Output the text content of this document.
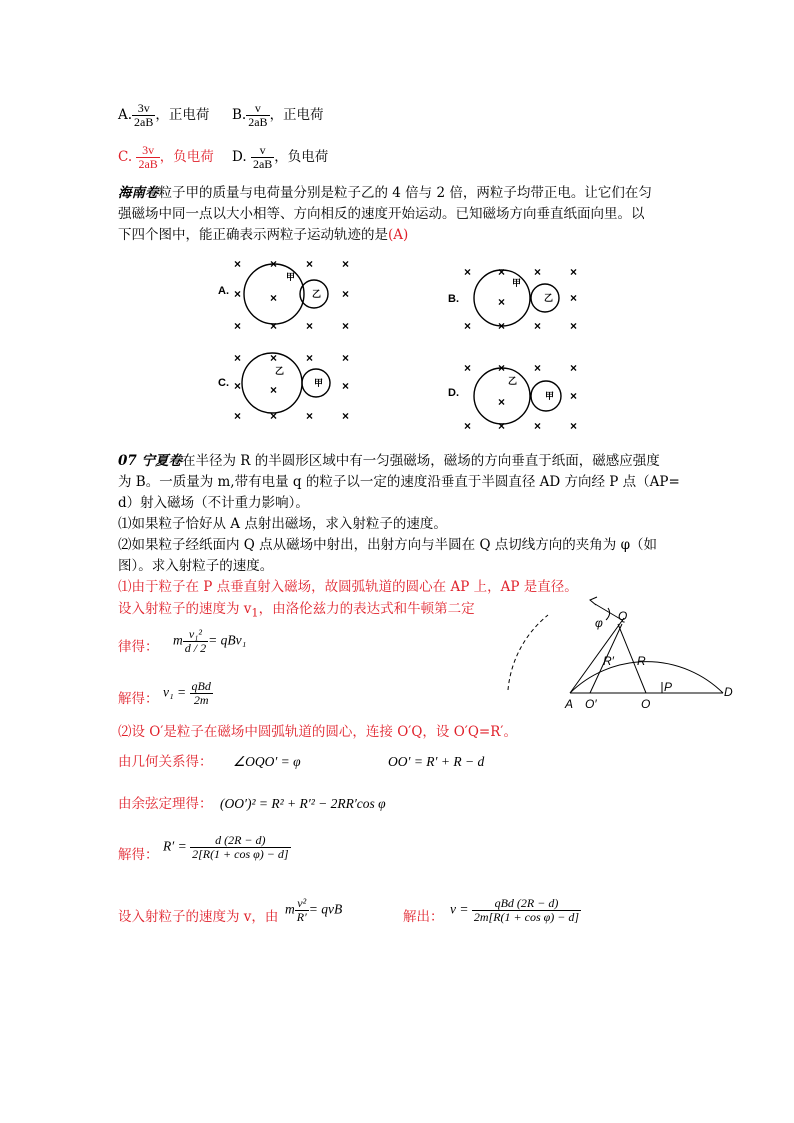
A. $\frac{3v}{2aB}$ ，正电荷 B. $\frac{v}{2aB}$ ，正电荷
C. $\frac{3v}{2aB}$ ，负电荷 D. $\frac{v}{2aB}$ ，负电荷
海南卷粒子甲的质量与电荷量分别是粒子乙的 4 倍与 2 倍，两粒子均带正电。让它们在匀
强磁场中同一点以大小相等、方向相反的速度开始运动。已知磁场方向垂直纸面向里。以
下四个图中，能正确表示两粒子运动轨迹的是(A)
A.
甲
乙	B.
甲
乙
C.
乙
甲
D.
乙
甲
× × × ×
× ×	×
× × × ×
× × × ×
× × × ×
×	×
× × × ×
×	×
× × × ×
×
× × × ×
× × × ×
×	×
07 宁夏卷在半径为 R 的半圆形区域中有一匀强磁场，磁场的方向垂直于纸面，磁感应强度
为 B。一质量为 m,带有电量 q 的粒子以一定的速度沿垂直于半圆直径 AD 方向经 P 点（AP=
d）射入磁场（不计重力影响）。
⑴如果粒子恰好从 A 点射出磁场，求入射粒子的速度。
⑵如果粒子经纸面内 Q 点从磁场中射出，出射方向与半圆在 Q 点切线方向的夹角为 φ（如
图）。求入射粒子的速度。
⑴由于粒子在 P 点垂直射入磁场，故圆弧轨道的圆心在 AP 上，AP 是直径。
设入射粒子的速度为 $v_1$，由洛伦兹力的表达式和牛顿第二定
律得： m $\frac{\text{v₁²}}{d / 2} = qBv_1$
解得： $v_1 = \frac{\text{qBd}}{2m}$
⑵设 O′是粒子在磁场中圆弧轨道的圆心，连接 O′Q，设 O′Q=R′。
由几何关系得： ∠OQO′ = φ	OO′ = R′ + R − d
由余弦定理得： (OO′)² = R² + R′² − 2RR′cos φ
解得：
$R' = \frac{d (2R - d)}{\text{2[R(1 + cos φ) − d]}}$
设入射粒子的速度为 v，由 m $\frac{\text{v²}}{R'}$ = qvB	解出： $v = \frac{\text{qBd (2R − d)}}{\text{2m[R(1 + cos φ) − d]}}$
Q
φ
R′ R
P
A O′	O
D
